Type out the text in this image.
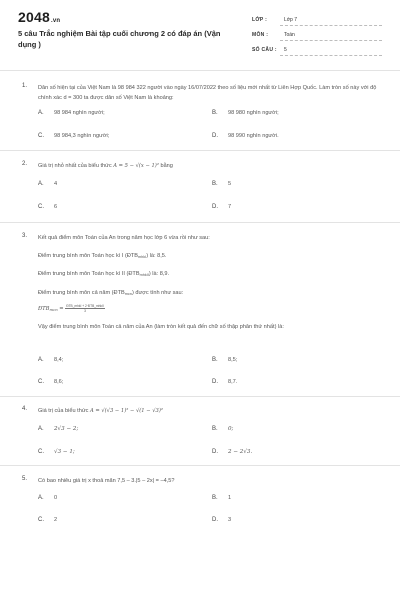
2048.vn
5 câu Trắc nghiệm Bài tập cuối chương 2 có đáp án (Vận dụng )
LỚP :	Lớp 7
MÔN :	Toán
SỐ CÂU : 5
1. Dân số hiện tại của Việt Nam là 98 984 322 người vào ngày 16/07/2022 theo số liệu mới nhất từ Liên Hợp Quốc. Làm tròn số này với độ chính xác d = 300 ta được dân số Việt Nam là khoảng:
A. 98 984 nghìn người;	B. 98 980 nghìn người;
C. 98 984,3 nghìn người;	D. 98 990 nghìn người.
2. Giá trị nhỏ nhất của biểu thức A = 5 − √(x − 1)² bằng
A. 4	B. 5
C. 6	D. 7
3. Kết quả điểm môn Toán của An trong năm học lớp 6 vừa rồi như sau:
Điểm trung bình môn Toán học kì I $(ĐTB_{mhkI})$ là: 8,5.
Điểm trung bình môn Toán học kì II $(ĐTB_{mhkII})$ là: 8,9.
Điểm trung bình môn cả năm $(ĐTB_{mcn})$ được tính như sau:
$ĐTB_{mcn} = \frac{\text{ĐTB\_mhkI + 2·ĐTB\_mhkII}}{3}$
Vậy điểm trung bình môn Toán cả năm của An (làm tròn kết quả đến chữ số thập phân thứ nhất) là:
A. 8,4;	B. 8,5;
C. 8,6;	D. 8,7.
4. Giá trị của biểu thức A = √(√3 − 1)² − √(1 − √3)²
A. 2√3 − 2;	B. 0;
C. √3 − 1;	D. 2 − 2√3.
5. Có bao nhiêu giá trị x thoả mãn 7,5 – 3.|5 – 2x| = –4,5?
A. 0	B. 1
C. 2	D. 3
